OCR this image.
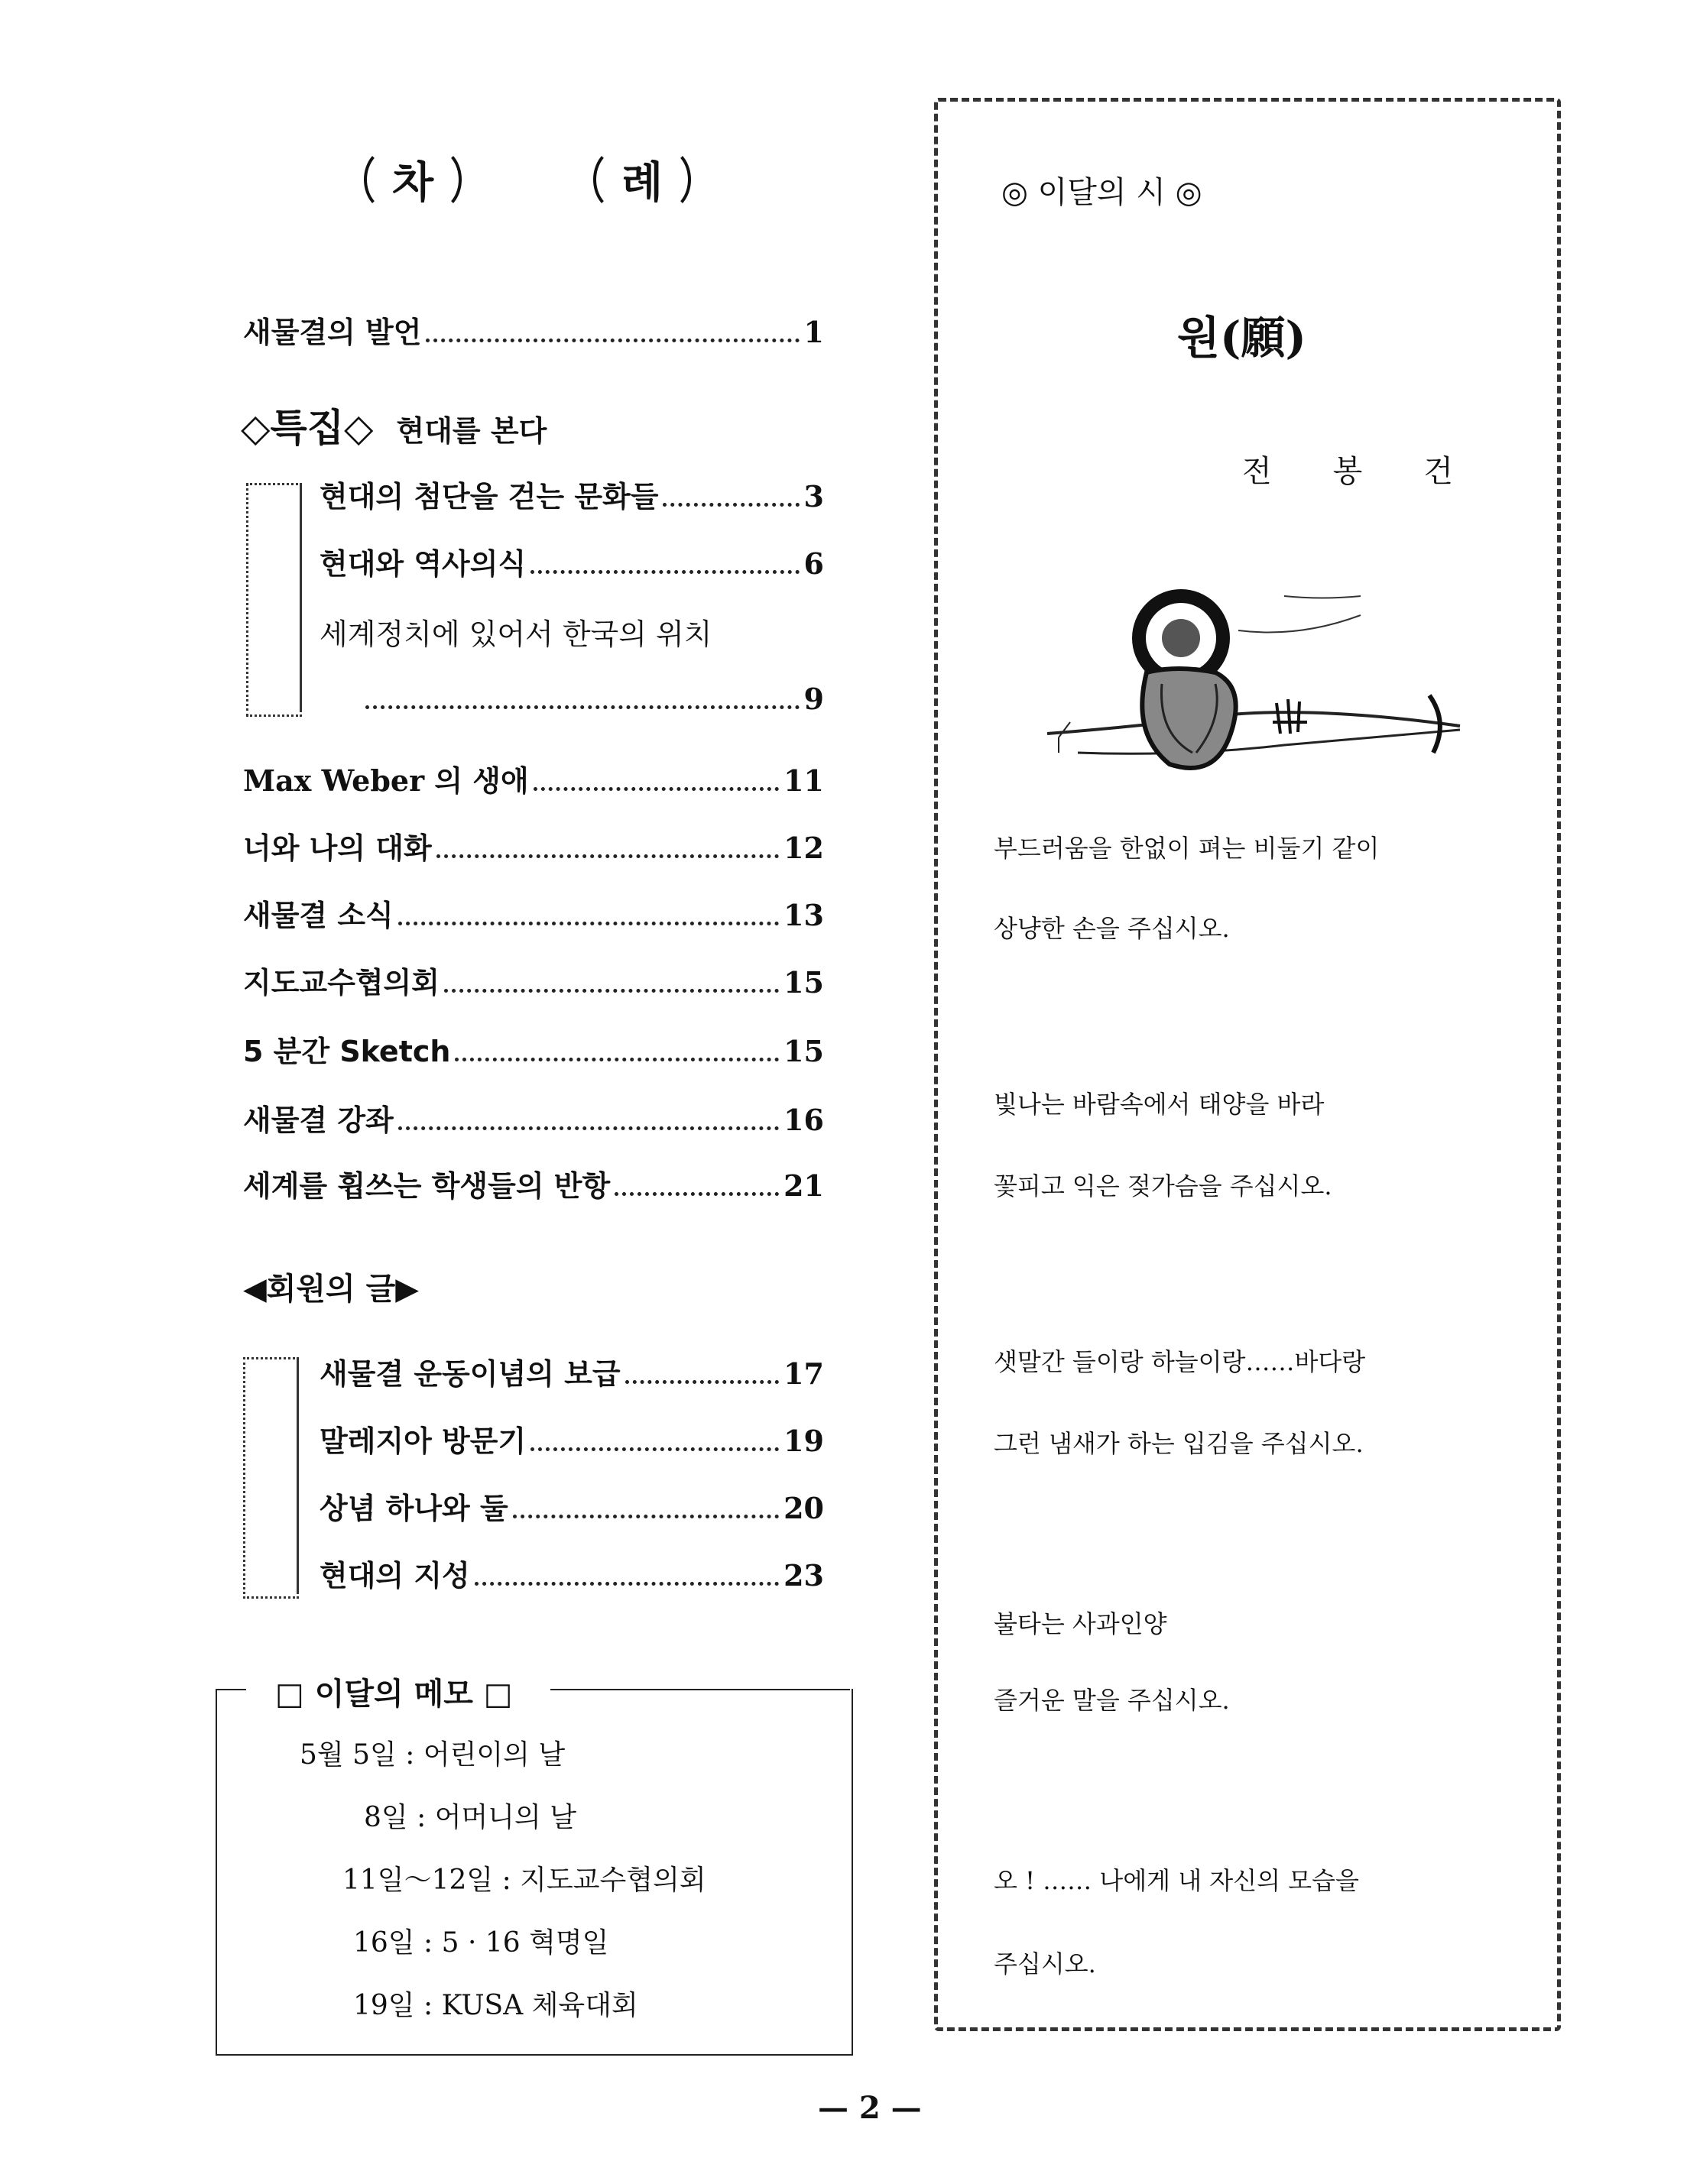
차	례
새물결의 발언	1
◇특집◇ 현대를 본다
현대의 첨단을 걷는 문화들	3
현대와 역사의식	6
세계정치에 있어서 한국의 위치
9
Max Weber 의 생애	11
너와 나의 대화	12
새물결 소식	13
지도교수협의회	15
5 분간 Sketch	15
새물결 강좌	16
세계를 휩쓰는 학생들의 반항	21
◀회원의 글▶
새물결 운동이념의 보급	17
말레지아 방문기	19
상념 하나와 둘	20
현대의 지성	23
□ 이달의 메모 □
5월 5일 : 어린이의 날
8일 : 어머니의 날
11일～12일 : 지도교수협의회
16일 : 5 · 16 혁명일
19일 : KUSA 체육대회
— 2 —
◎ 이달의 시 ◎
원(願)
전봉건
부드러움을 한없이 펴는 비둘기 같이
상냥한 손을 주십시오.
빛나는 바람속에서 태양을 바라
꽃피고 익은 젖가슴을 주십시오.
샛말간 들이랑 하늘이랑……바다랑
그런 냄새가 하는 입김을 주십시오.
불타는 사과인양
즐거운 말을 주십시오.
오 ! …… 나에게 내 자신의 모습을
주십시오.
